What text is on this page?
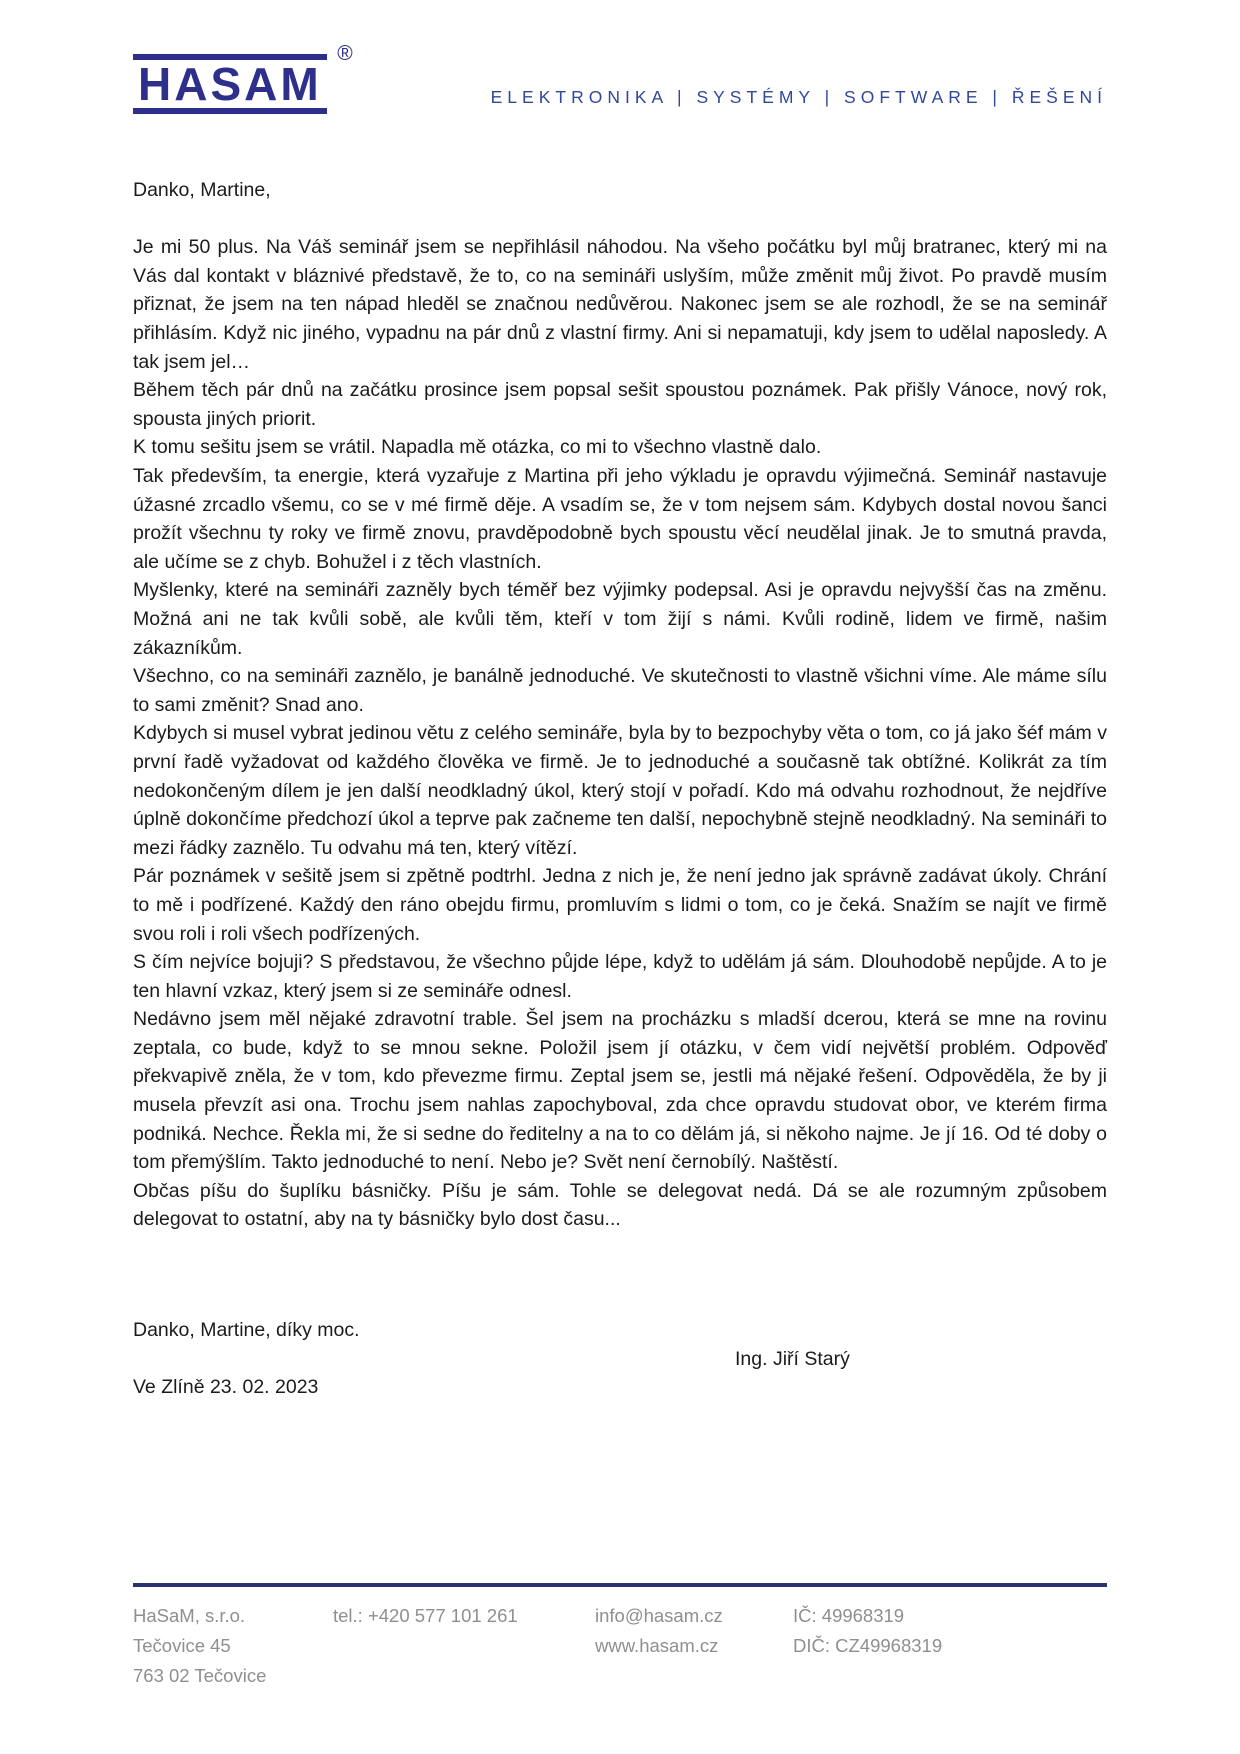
HASAM
®
ELEKTRONIKA | SYSTÉMY | SOFTWARE | ŘEŠENÍ

Danko, Martine,

Je mi 50 plus. Na Váš seminář jsem se nepřihlásil náhodou. Na všeho počátku byl můj bratranec, který mi na Vás dal kontakt v bláznivé představě, že to, co na semináři uslyším, může změnit můj život. Po pravdě musím přiznat, že jsem na ten nápad hleděl se značnou nedůvěrou. Nakonec jsem se ale rozhodl, že se na seminář přihlásím. Když nic jiného, vypadnu na pár dnů z vlastní firmy. Ani si nepamatuji, kdy jsem to udělal naposledy. A tak jsem jel…

Během těch pár dnů na začátku prosince jsem popsal sešit spoustou poznámek. Pak přišly Vánoce, nový rok, spousta jiných priorit.

K tomu sešitu jsem se vrátil. Napadla mě otázka, co mi to všechno vlastně dalo.

Tak především, ta energie, která vyzařuje z Martina při jeho výkladu je opravdu výjimečná. Seminář nastavuje úžasné zrcadlo všemu, co se v mé firmě děje. A vsadím se, že v tom nejsem sám. Kdybych dostal novou šanci prožít všechnu ty roky ve firmě znovu, pravděpodobně bych spoustu věcí neudělal jinak. Je to smutná pravda, ale učíme se z chyb. Bohužel i z těch vlastních.

Myšlenky, které na semináři zazněly bych téměř bez výjimky podepsal. Asi je opravdu nejvyšší čas na změnu. Možná ani ne tak kvůli sobě, ale kvůli těm, kteří v tom žijí s námi. Kvůli rodině, lidem ve firmě, našim zákazníkům.

Všechno, co na semináři zaznělo, je banálně jednoduché. Ve skutečnosti to vlastně všichni víme. Ale máme sílu to sami změnit? Snad ano.

Kdybych si musel vybrat jedinou větu z celého semináře, byla by to bezpochyby věta o tom, co já jako šéf mám v první řadě vyžadovat od každého člověka ve firmě. Je to jednoduché a současně tak obtížné. Kolikrát za tím nedokončeným dílem je jen další neodkladný úkol, který stojí v pořadí. Kdo má odvahu rozhodnout, že nejdříve úplně dokončíme předchozí úkol a teprve pak začneme ten další, nepochybně stejně neodkladný. Na semináři to mezi řádky zaznělo. Tu odvahu má ten, který vítězí.

Pár poznámek v sešitě jsem si zpětně podtrhl. Jedna z nich je, že není jedno jak správně zadávat úkoly. Chrání to mě i podřízené. Každý den ráno obejdu firmu, promluvím s lidmi o tom, co je čeká. Snažím se najít ve firmě svou roli i roli všech podřízených.

S čím nejvíce bojuji? S představou, že všechno půjde lépe, když to udělám já sám. Dlouhodobě nepůjde. A to je ten hlavní vzkaz, který jsem si ze semináře odnesl.

Nedávno jsem měl nějaké zdravotní trable. Šel jsem na procházku s mladší dcerou, která se mne na rovinu zeptala, co bude, když to se mnou sekne. Položil jsem jí otázku, v čem vidí největší problém. Odpověď překvapivě zněla, že v tom, kdo převezme firmu. Zeptal jsem se, jestli má nějaké řešení. Odpověděla, že by ji musela převzít asi ona. Trochu jsem nahlas zapochyboval, zda chce opravdu studovat obor, ve kterém firma podniká. Nechce. Řekla mi, že si sedne do ředitelny a na to co dělám já, si někoho najme. Je jí 16. Od té doby o tom přemýšlím. Takto jednoduché to není. Nebo je? Svět není černobílý. Naštěstí.

Občas píšu do šuplíku básničky. Píšu je sám. Tohle se delegovat nedá. Dá se ale rozumným způsobem delegovat to ostatní, aby na ty básničky bylo dost času...

Danko, Martine, díky moc.

Ing. Jiří Starý

Ve Zlíně 23. 02. 2023

HaSaM, s.r.o.
Tečovice 45
763 02 Tečovice
tel.: +420 577 101 261	info@hasam.cz
www.hasam.cz
IČ: 49968319
DIČ: CZ49968319
